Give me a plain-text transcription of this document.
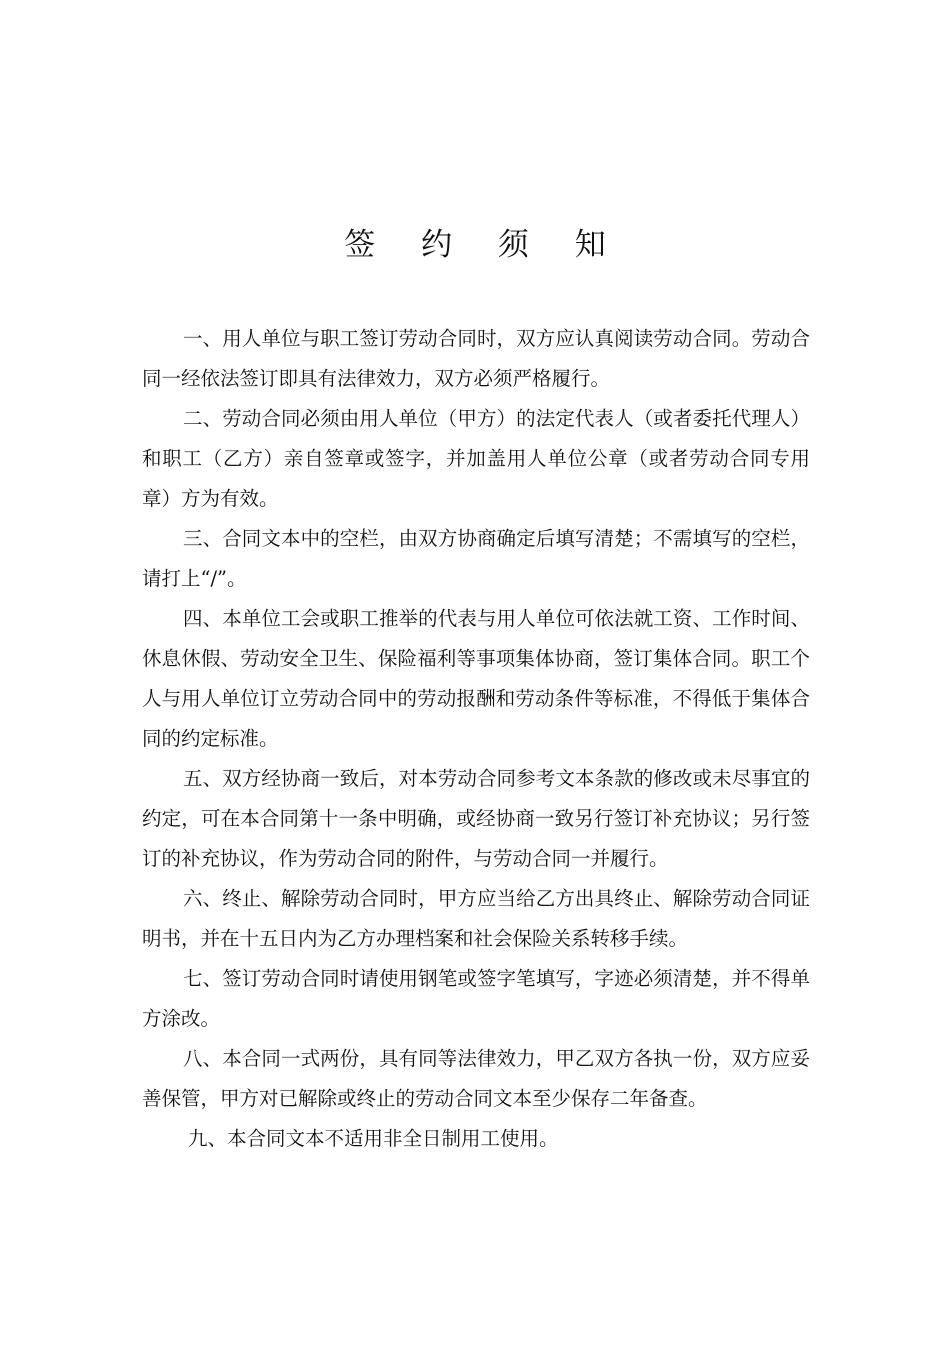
签 约 须 知

一、用人单位与职工签订劳动合同时，双方应认真阅读劳动合同。劳动合同一经依法签订即具有法律效力，双方必须严格履行。

二、劳动合同必须由用人单位（甲方）的法定代表人（或者委托代理人）和职工（乙方）亲自签章或签字，并加盖用人单位公章（或者劳动合同专用章）方为有效。

三、合同文本中的空栏，由双方协商确定后填写清楚；不需填写的空栏，请打上“/”。

四、本单位工会或职工推举的代表与用人单位可依法就工资、工作时间、休息休假、劳动安全卫生、保险福利等事项集体协商，签订集体合同。职工个人与用人单位订立劳动合同中的劳动报酬和劳动条件等标准，不得低于集体合同的约定标准。

五、双方经协商一致后，对本劳动合同参考文本条款的修改或未尽事宜的约定，可在本合同第十一条中明确，或经协商一致另行签订补充协议；另行签订的补充协议，作为劳动合同的附件，与劳动合同一并履行。

六、终止、解除劳动合同时，甲方应当给乙方出具终止、解除劳动合同证明书，并在十五日内为乙方办理档案和社会保险关系转移手续。

七、签订劳动合同时请使用钢笔或签字笔填写，字迹必须清楚，并不得单方涂改。

八、本合同一式两份，具有同等法律效力，甲乙双方各执一份，双方应妥善保管，甲方对已解除或终止的劳动合同文本至少保存二年备查。

九、本合同文本不适用非全日制用工使用。
